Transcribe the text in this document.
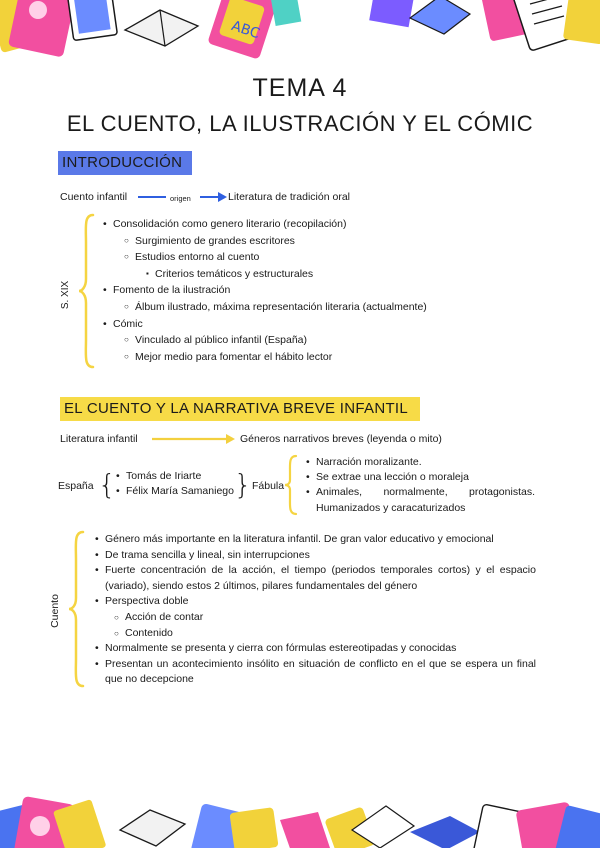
ABC
TEMA 4
EL CUENTO, LA ILUSTRACIÓN Y EL CÓMIC
INTRODUCCIÓN
Cuento infantil	origen	Literatura de tradición oral
S. XIX
• Consolidación como genero literario (recopilación)
○ Surgimiento de grandes escritores
○ Estudios entorno al cuento
▪ Criterios temáticos y estructurales
• Fomento de la ilustración
○ Álbum ilustrado, máxima representación literaria (actualmente)
• Cómic
○ Vinculado al público infantil (España)
○ Mejor medio para fomentar el hábito lector
EL CUENTO Y LA NARRATIVA BREVE INFANTIL
Literatura infantil	Géneros narrativos breves (leyenda o mito)
España {
• Tomás de Iriarte
• Félix María Samaniego } Fábula
• Narración moralizante.
• Se extrae una lección o moraleja
• Animales, normalmente, protagonistas. Humanizados y caracaturizados
Cuento
• Género más importante en la literatura infantil. De gran valor educativo y emocional
• De trama sencilla y lineal, sin interrupciones
• Fuerte concentración de la acción, el tiempo (periodos temporales cortos) y el espacio (variado), siendo estos 2 últimos, pilares fundamentales del género
• Perspectiva doble
○ Acción de contar
○ Contenido
• Normalmente se presenta y cierra con fórmulas estereotipadas y conocidas
• Presentan un acontecimiento insólito en situación de conflicto en el que se espera un final que no decepcione
